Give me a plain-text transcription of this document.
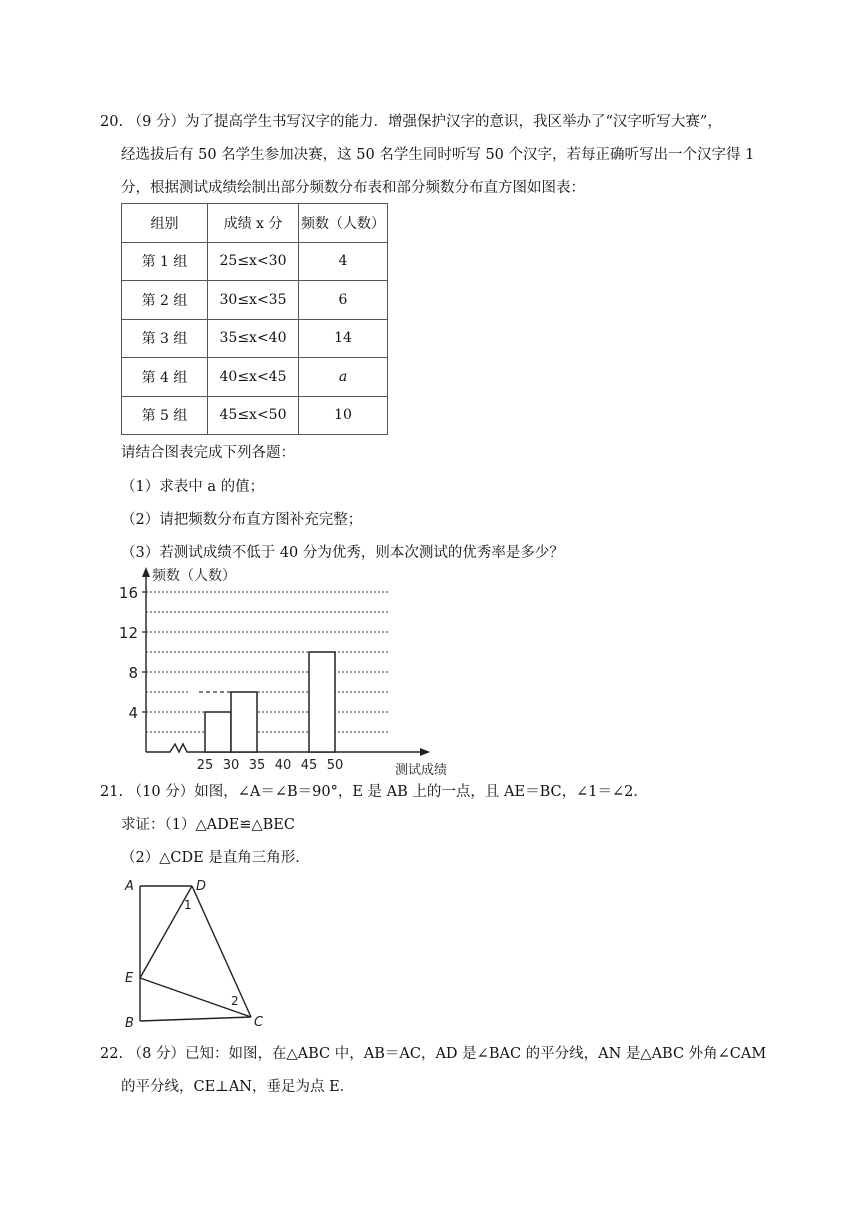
20. （9 分）为了提高学生书写汉字的能力．增强保护汉字的意识，我区举办了“汉字听写大赛”，
经选拔后有 50 名学生参加决赛，这 50 名学生同时听写 50 个汉字，若每正确听写出一个汉字得 1
分，根据测试成绩绘制出部分频数分布表和部分频数分布直方图如图表：
组别	成绩 x 分	频数（人数）
第 1 组	25≤x<30	4
第 2 组	30≤x<35	6
第 3 组	35≤x<40	14
第 4 组	40≤x<45	a
第 5 组	45≤x<50	10
请结合图表完成下列各题：
（1）求表中 a 的值；
（2）请把频数分布直方图补充完整；
（3）若测试成绩不低于 40 分为优秀，则本次测试的优秀率是多少？
4
8
12
16
25 30 35 40 45 50
频数（人数）
测试成绩
21. （10 分）如图，∠A＝∠B＝90°，E 是 AB 上的一点，且 AE＝BC，∠1＝∠2．
求证：（1）△ADE≌△BEC
（2）△CDE 是直角三角形．
A	D
E
B	C
1
2
22. （8 分）已知：如图，在△ABC 中，AB＝AC，AD 是∠BAC 的平分线，AN 是△ABC 外角∠CAM
的平分线，CE⊥AN，垂足为点 E．
